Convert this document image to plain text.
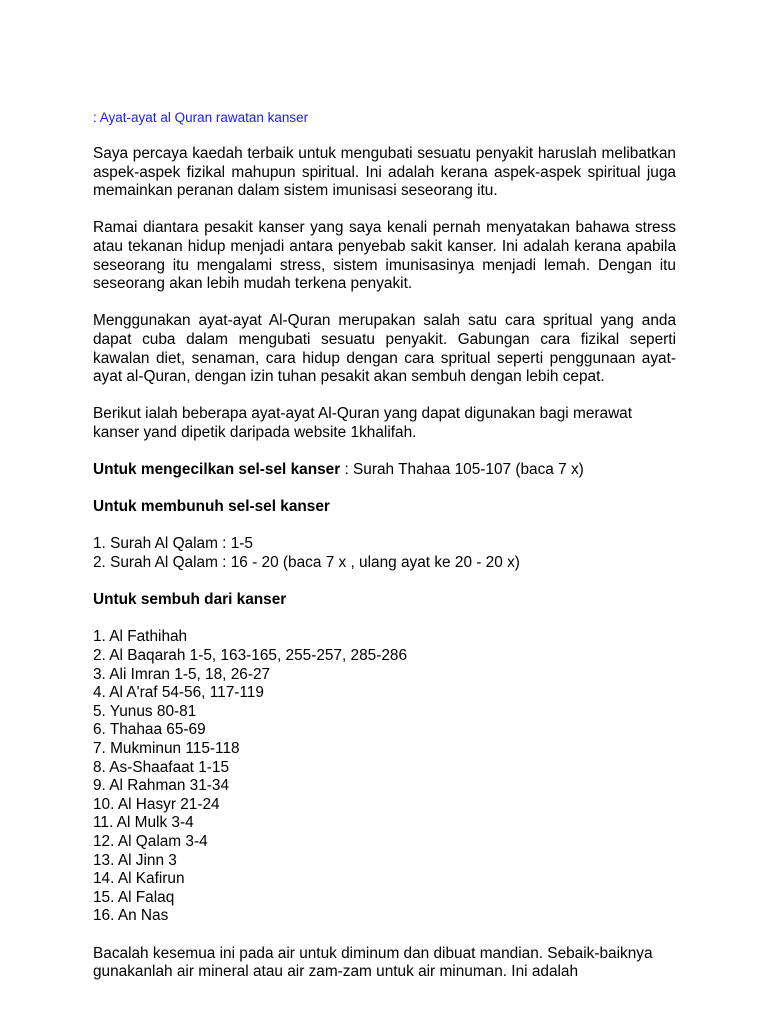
: Ayat-ayat al Quran rawatan kanser

Saya percaya kaedah terbaik untuk mengubati sesuatu penyakit haruslah melibatkan aspek-aspek fizikal mahupun spiritual. Ini adalah kerana aspek-aspek spiritual juga memainkan peranan dalam sistem imunisasi seseorang itu.

Ramai diantara pesakit kanser yang saya kenali pernah menyatakan bahawa stress atau tekanan hidup menjadi antara penyebab sakit kanser. Ini adalah kerana apabila seseorang itu mengalami stress, sistem imunisasinya menjadi lemah. Dengan itu seseorang akan lebih mudah terkena penyakit.

Menggunakan ayat-ayat Al-Quran merupakan salah satu cara spritual yang anda dapat cuba dalam mengubati sesuatu penyakit. Gabungan cara fizikal seperti kawalan diet, senaman, cara hidup dengan cara spritual seperti penggunaan ayat-ayat al-Quran, dengan izin tuhan pesakit akan sembuh dengan lebih cepat.

Berikut ialah beberapa ayat-ayat Al-Quran yang dapat digunakan bagi merawat kanser yand dipetik daripada website 1khalifah.

Untuk mengecilkan sel-sel kanser : Surah Thahaa 105-107 (baca 7 x)

Untuk membunuh sel-sel kanser

1. Surah Al Qalam : 1-5
2. Surah Al Qalam : 16 - 20 (baca 7 x , ulang ayat ke 20 - 20 x)

Untuk sembuh dari kanser

1. Al Fathihah
2. Al Baqarah 1-5, 163-165, 255-257, 285-286
3. Ali Imran 1-5, 18, 26-27
4. Al A'raf 54-56, 117-119
5. Yunus 80-81
6. Thahaa 65-69
7. Mukminun 115-118
8. As-Shaafaat 1-15
9. Al Rahman 31-34
10. Al Hasyr 21-24
11. Al Mulk 3-4
12. Al Qalam 3-4
13. Al Jinn 3
14. Al Kafirun
15. Al Falaq
16. An Nas

Bacalah kesemua ini pada air untuk diminum dan dibuat mandian. Sebaik-baiknya gunakanlah air mineral atau air zam-zam untuk air minuman. Ini adalah
